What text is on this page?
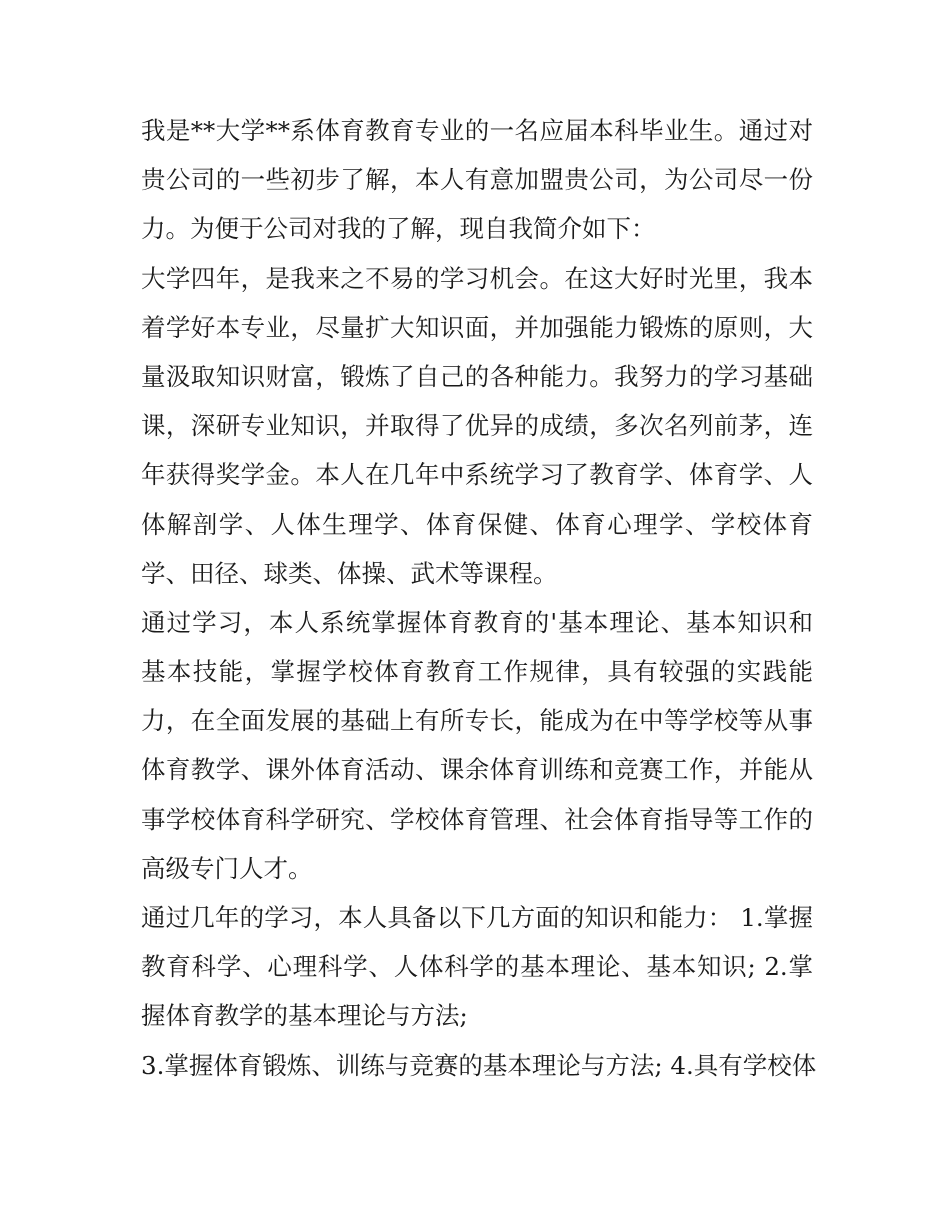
我是**大学**系体育教育专业的一名应届本科毕业生。通过对
贵公司的一些初步了解，本人有意加盟贵公司，为公司尽一份
力。为便于公司对我的了解，现自我简介如下：
大学四年，是我来之不易的学习机会。在这大好时光里，我本
着学好本专业，尽量扩大知识面，并加强能力锻炼的原则，大
量汲取知识财富，锻炼了自己的各种能力。我努力的学习基础
课，深研专业知识，并取得了优异的成绩，多次名列前茅，连
年获得奖学金。本人在几年中系统学习了教育学、体育学、人
体解剖学、人体生理学、体育保健、体育心理学、学校体育
学、田径、球类、体操、武术等课程。
通过学习，本人系统掌握体育教育的'基本理论、基本知识和
基本技能，掌握学校体育教育工作规律，具有较强的实践能
力，在全面发展的基础上有所专长，能成为在中等学校等从事
体育教学、课外体育活动、课余体育训练和竞赛工作，并能从
事学校体育科学研究、学校体育管理、社会体育指导等工作的
高级专门人才。
通过几年的学习，本人具备以下几方面的知识和能力： 1.掌握
教育科学、心理科学、人体科学的基本理论、基本知识; 2.掌
握体育教学的基本理论与方法;
3.掌握体育锻炼、训练与竞赛的基本理论与方法; 4.具有学校体
